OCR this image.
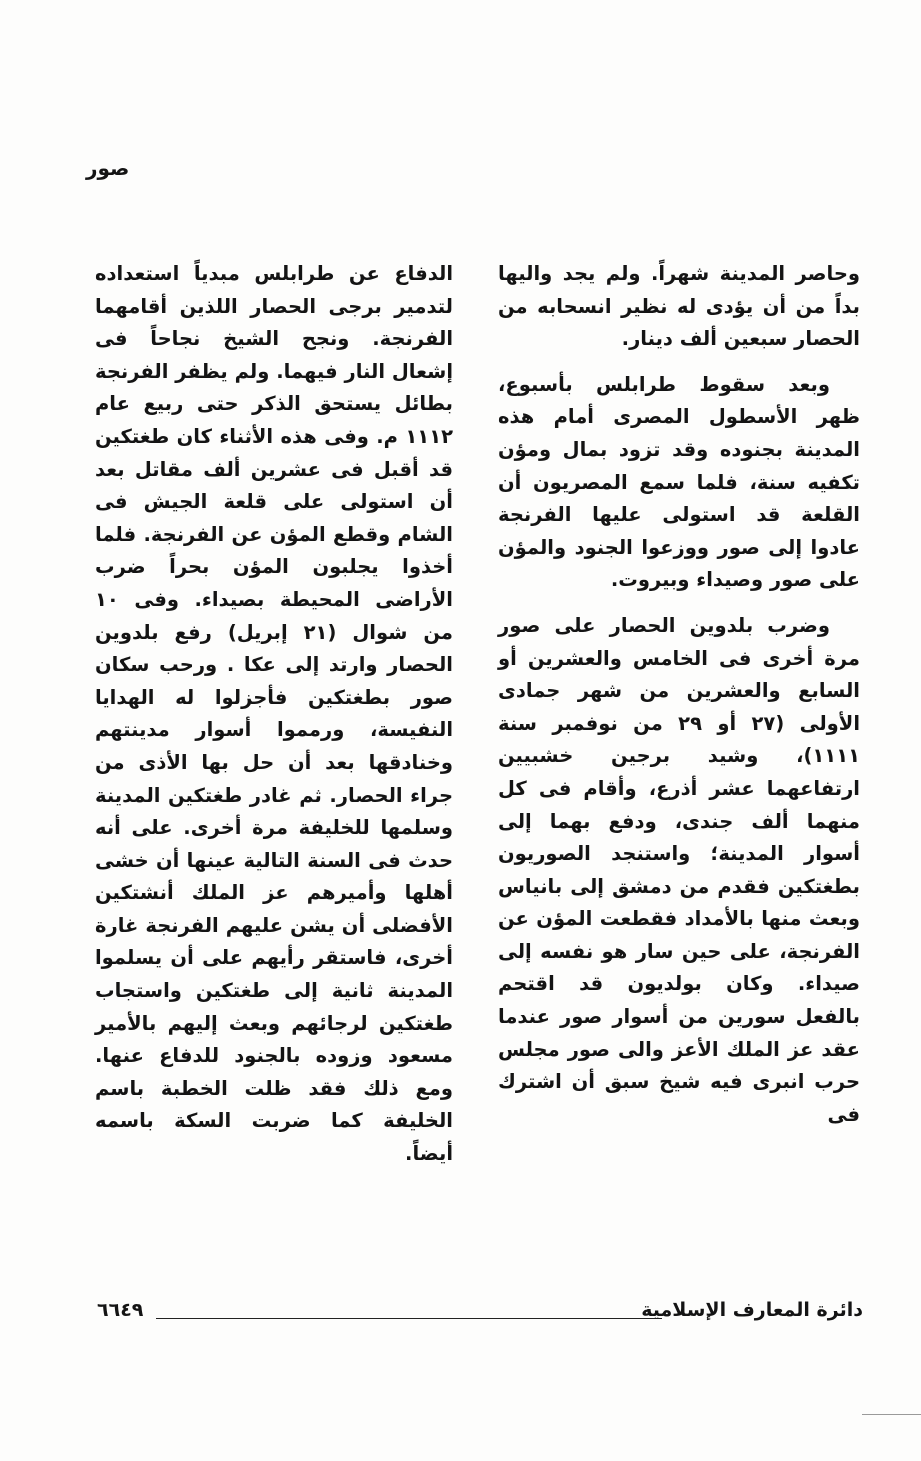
صور

وحاصر المدينة شهراً. ولم يجد واليها بداً من أن يؤدى له نظير انسحابه من الحصار سبعين ألف دينار.

وبعد سقوط طرابلس بأسبوع، ظهر الأسطول المصرى أمام هذه المدينة بجنوده وقد تزود بمال ومؤن تكفيه سنة، فلما سمع المصريون أن القلعة قد استولى عليها الفرنجة عادوا إلى صور ووزعوا الجنود والمؤن على صور وصيداء وبيروت.

وضرب بلدوين الحصار على صور مرة أخرى فى الخامس والعشرين أو السابع والعشرين من شهر جمادى الأولى (٢٧ أو ٢٩ من نوفمبر سنة ١١١١)، وشيد برجين خشبيين ارتفاعهما عشر أذرع، وأقام فى كل منهما ألف جندى، ودفع بهما إلى أسوار المدينة؛ واستنجد الصوريون بطغتكين فقدم من دمشق إلى بانياس وبعث منها بالأمداد فقطعت المؤن عن الفرنجة، على حين سار هو نفسه إلى صيداء. وكان بولديون قد اقتحم بالفعل سورين من أسوار صور عندما عقد عز الملك الأعز والى صور مجلس حرب انبرى فيه شيخ سبق أن اشترك فى

الدفاع عن طرابلس مبدياً استعداده لتدمير برجى الحصار اللذين أقامهما الفرنجة. ونجح الشيخ نجاحاً فى إشعال النار فيهما. ولم يظفر الفرنجة بطائل يستحق الذكر حتى ربيع عام ١١١٢ م. وفى هذه الأثناء كان طغتكين قد أقبل فى عشرين ألف مقاتل بعد أن استولى على قلعة الجيش فى الشام وقطع المؤن عن الفرنجة. فلما أخذوا يجلبون المؤن بحراً ضرب الأراضى المحيطة بصيداء. وفى ١٠ من شوال (٢١ إبريل) رفع بلدوين الحصار وارتد إلى عكا . ورحب سكان صور بطغتكين فأجزلوا له الهدايا النفيسة، ورمموا أسوار مدينتهم وخنادقها بعد أن حل بها الأذى من جراء الحصار. ثم غادر طغتكين المدينة وسلمها للخليفة مرة أخرى. على أنه حدث فى السنة التالية عينها أن خشى أهلها وأميرهم عز الملك أنشتكين الأفضلى أن يشن عليهم الفرنجة غارة أخرى، فاستقر رأيهم على أن يسلموا المدينة ثانية إلى طغتكين واستجاب طغتكين لرجائهم وبعث إليهم بالأمير مسعود وزوده بالجنود للدفاع عنها. ومع ذلك فقد ظلت الخطبة باسم الخليفة كما ضربت السكة باسمه أيضاً.

دائرة المعارف الإسلامية
٦٦٤٩
